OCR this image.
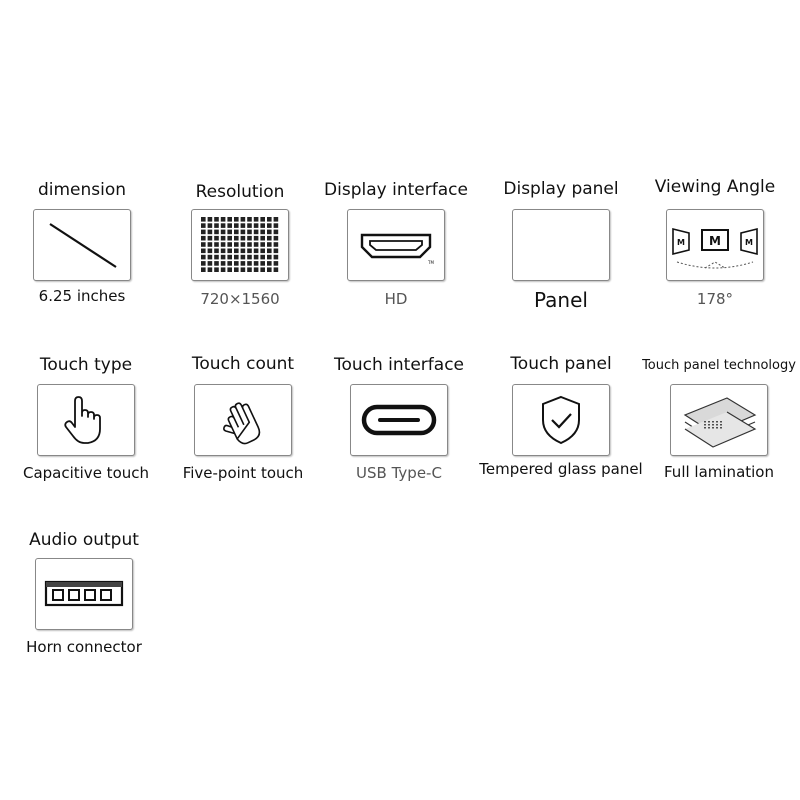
dimension
6.25 inches
Resolution
720×1560
Display interface
TM
HD
Display panel
Panel
Viewing Angle
M M	M
178°
Touch type
Capacitive touch
Touch count
Five-point touch
Touch interface
USB Type-C
Touch panel
Tempered glass panel
Touch panel technology
Full lamination
Audio output
Horn connector
